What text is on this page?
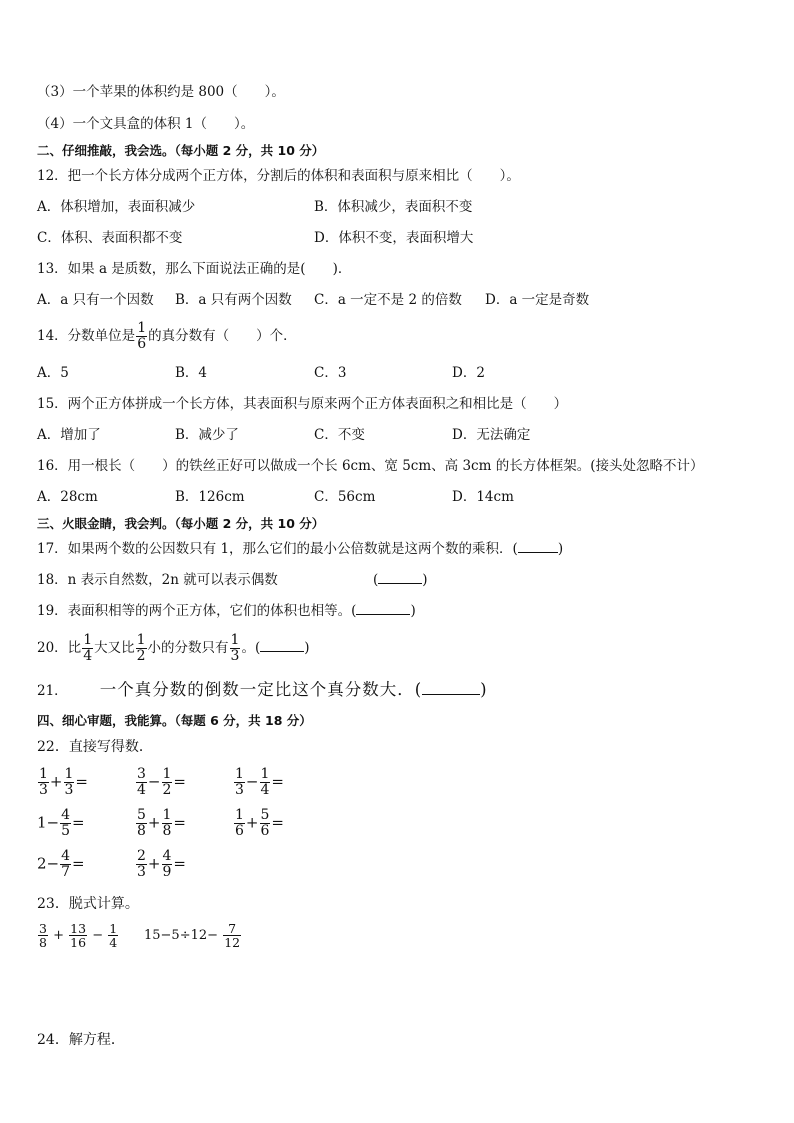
（3）一个苹果的体积约是 800（　　）。
（4）一个文具盒的体积 1（　　）。
二、仔细推敲，我会选。（每小题 2 分，共 10 分）
12．把一个长方体分成两个正方体，分割后的体积和表面积与原来相比（　　）。
A．体积增加，表面积减少	B．体积减少，表面积不变
C．体积、表面积都不变	D．体积不变，表面积增大
13．如果 a 是质数，那么下面说法正确的是(　　)．
A．a 只有一个因数 B．a 只有两个因数 C．a 一定不是 2 的倍数 D．a 一定是奇数
14．分数单位是 $\frac{1}{6}$ 的真分数有（　　）个．
A．5	B．4	C．3	D．2
15．两个正方体拼成一个长方体，其表面积与原来两个正方体表面积之和相比是（　　）
A．增加了	B．减少了	C．不变	D．无法确定
16．用一根长（　　）的铁丝正好可以做成一个长 6cm、宽 5cm、高 3cm 的长方体框架。(接头处忽略不计）
A．28cm	B．126cm	C．56cm	D．14cm
三、火眼金睛，我会判。（每小题 2 分，共 10 分）
17．如果两个数的公因数只有 1，那么它们的最小公倍数就是这两个数的乘积．(	)
18．n 表示自然数，2n 就可以表示偶数	(	)
19．表面积相等的两个正方体，它们的体积也相等。(	)
20．比 $\frac{1}{4}$ 大又比 $\frac{1}{2}$ 小的分数只有 $\frac{1}{3}$ 。(	)
21． 一个真分数的倒数一定比这个真分数大．(	)
四、细心审题，我能算。（每题 6 分，共 18 分）
22．直接写得数．
$\frac{1}{3} + \frac{1}{3}$ =	$\frac{3}{4} - \frac{1}{2}$ =	$\frac{1}{3} - \frac{1}{4}$ =
$1- \frac{4}{5}$ =	$\frac{5}{8} + \frac{1}{8}$ =	$\frac{1}{6} + \frac{5}{6}$ =
$2- \frac{4}{7}$ =	$\frac{2}{3} + \frac{4}{9}$ =
23．脱式计算。
$\frac{3}{8} + \frac{13}{16} - \frac{1}{4} 15-5\div 12- \frac{7}{12}$
24．解方程．
